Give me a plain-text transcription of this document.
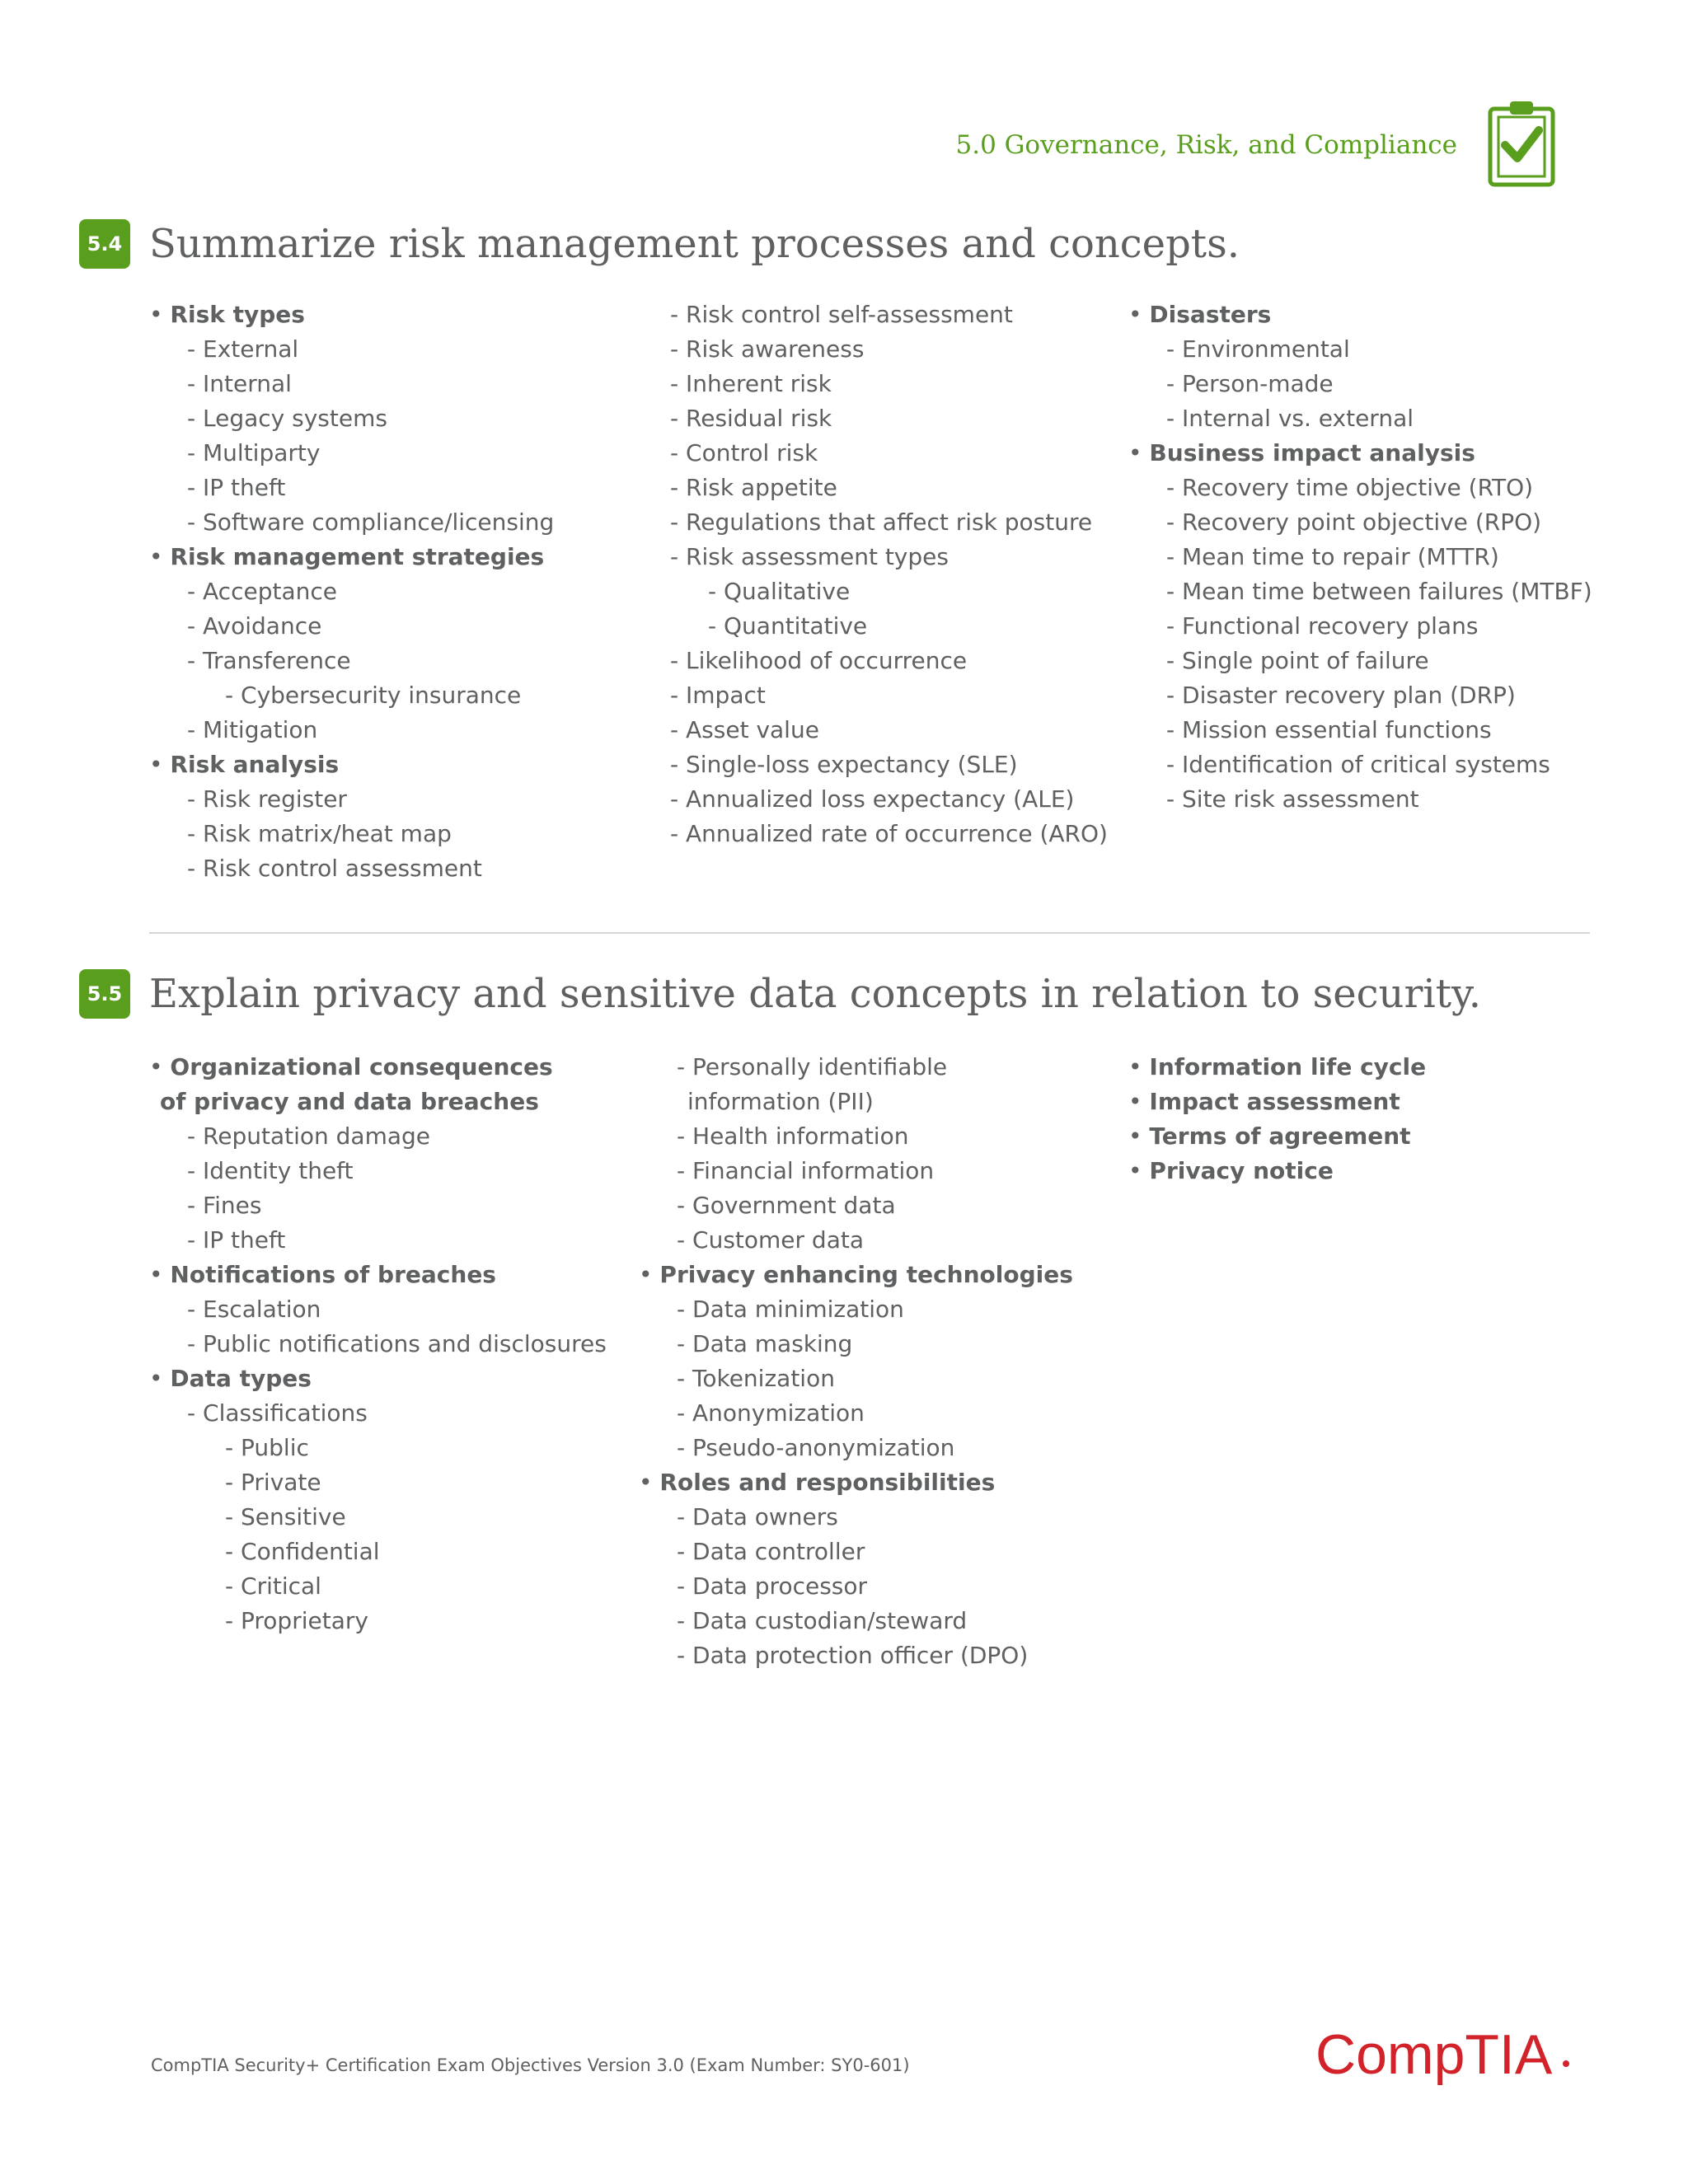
5.0 Governance, Risk, and Compliance
5.4 Summarize risk management processes and concepts.
• Risk types
- External
- Internal
- Legacy systems
- Multiparty
- IP theft
- Software compliance/licensing
• Risk management strategies
- Acceptance
- Avoidance
- Transference
- Cybersecurity insurance
- Mitigation
• Risk analysis
- Risk register
- Risk matrix/heat map
- Risk control assessment
- Risk control self-assessment
- Risk awareness
- Inherent risk
- Residual risk
- Control risk
- Risk appetite
- Regulations that affect risk posture
- Risk assessment types
- Qualitative
- Quantitative
- Likelihood of occurrence
- Impact
- Asset value
- Single-loss expectancy (SLE)
- Annualized loss expectancy (ALE)
- Annualized rate of occurrence (ARO)
• Disasters
- Environmental
- Person-made
- Internal vs. external
• Business impact analysis
- Recovery time objective (RTO)
- Recovery point objective (RPO)
- Mean time to repair (MTTR)
- Mean time between failures (MTBF)
- Functional recovery plans
- Single point of failure
- Disaster recovery plan (DRP)
- Mission essential functions
- Identification of critical systems
- Site risk assessment
5.5 Explain privacy and sensitive data concepts in relation to security.
• Organizational consequences
of privacy and data breaches
- Reputation damage
- Identity theft
- Fines
- IP theft
• Notifications of breaches
- Escalation
- Public notifications and disclosures
• Data types
- Classifications
- Public
- Private
- Sensitive
- Confidential
- Critical
- Proprietary
- Personally identifiable
information (PII)
- Health information
- Financial information
- Government data
- Customer data
• Privacy enhancing technologies
- Data minimization
- Data masking
- Tokenization
- Anonymization
- Pseudo-anonymization
• Roles and responsibilities
- Data owners
- Data controller
- Data processor
- Data custodian/steward
- Data protection officer (DPO)
• Information life cycle
• Impact assessment
• Terms of agreement
• Privacy notice
CompTIA Security+ Certification Exam Objectives Version 3.0 (Exam Number: SY0-601)	CompTIA
